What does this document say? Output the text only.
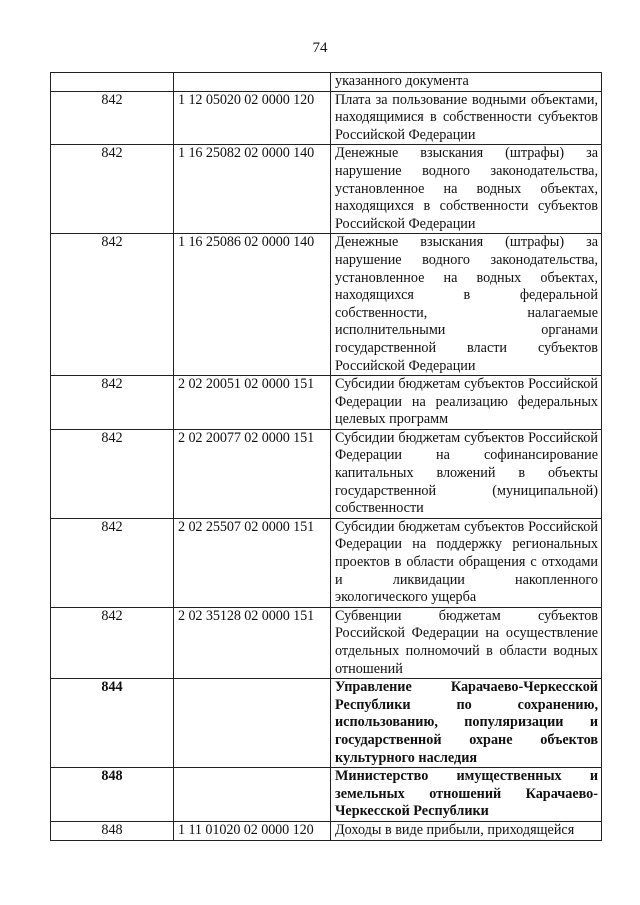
74
		указанного документа
842	1 12 05020 02 0000 120	Плата за пользование водными объектами, находящимися в собственности субъектов Российской Федерации
842	1 16 25082 02 0000 140	Денежные взыскания (штрафы) за нарушение водного законодательства, установленное на водных объектах, находящихся в собственности субъектов Российской Федерации
842	1 16 25086 02 0000 140	Денежные взыскания (штрафы) за нарушение водного законодательства, установленное на водных объектах, находящихся в федеральной собственности, налагаемые исполнительными органами государственной власти субъектов Российской Федерации
842	2 02 20051 02 0000 151	Субсидии бюджетам субъектов Российской Федерации на реализацию федеральных целевых программ
842	2 02 20077 02 0000 151	Субсидии бюджетам субъектов Российской Федерации на софинансирование капитальных вложений в объекты государственной (муниципальной) собственности
842	2 02 25507 02 0000 151	Субсидии бюджетам субъектов Российской Федерации на поддержку региональных проектов в области обращения с отходами и ликвидации накопленного экологического ущерба
842	2 02 35128 02 0000 151	Субвенции бюджетам субъектов Российской Федерации на осуществление отдельных полномочий в области водных отношений
844		Управление Карачаево-Черкесской Республики по сохранению, использованию, популяризации и государственной охране объектов культурного наследия
848		Министерство имущественных и земельных отношений Карачаево-Черкесской Республики
848	1 11 01020 02 0000 120	Доходы в виде прибыли, приходящейся
